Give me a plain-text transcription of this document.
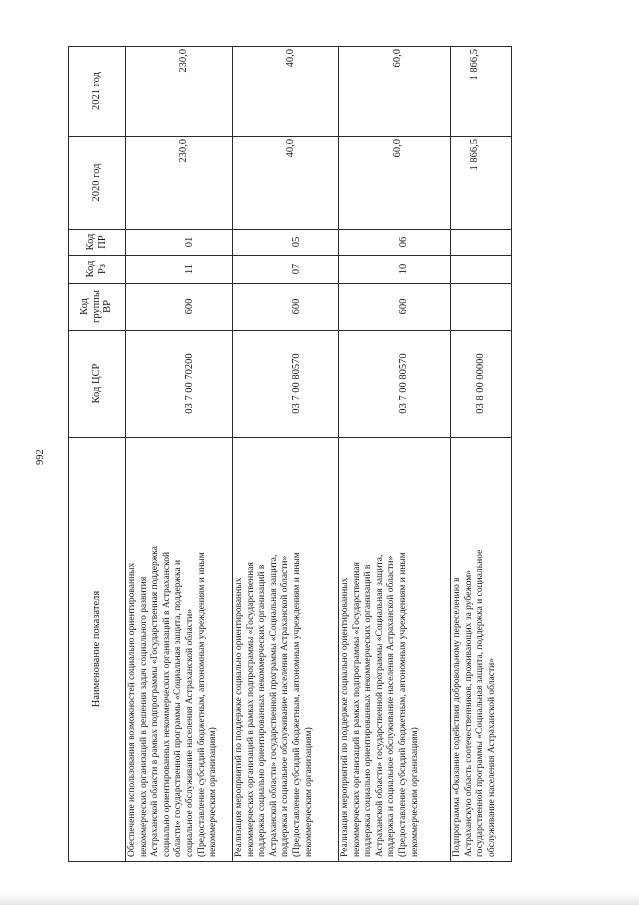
992
Наименование показателя
Код ЦСР
Код
группы
ВР
Код
Рз
Код
ПР
2020 год
2021 год
Обеспечение использования возможностей социально ориентированных
некоммерческих организаций в решении задач социального развития
Астраханской области в рамках подпрограммы «Государственная поддержка
социально ориентированных некоммерческих организаций в Астраханской
области» государственной программы «Социальная защита, поддержка и
социальное обслуживание населения Астраханской области»
(Предоставление субсидий бюджетным, автономным учреждениям и иным
некоммерческим организациям)
03 7 00 70200
600
11
01
230,0
230,0
Реализация мероприятий по поддержке социально ориентированных
некоммерческих организаций в рамках подпрограммы «Государственная
поддержка социально ориентированных некоммерческих организаций в
Астраханской области» государственной программы «Социальная защита,
поддержка и социальное обслуживание населения Астраханской области»
(Предоставление субсидий бюджетным, автономным учреждениям и иным
некоммерческим организациям)
03 7 00 80570
600
07
05
40,0
40,0
Реализация мероприятий по поддержке социально ориентированных
некоммерческих организаций в рамках подпрограммы «Государственная
поддержка социально ориентированных некоммерческих организаций в
Астраханской области» государственной программы «Социальная защита,
поддержка и социальное обслуживание населения Астраханской области»
(Предоставление субсидий бюджетным, автономным учреждениям и иным
некоммерческим организациям)
03 7 00 80570
600
10
06
60,0
60,0
Подпрограмма «Оказание содействия добровольному переселению в
Астраханскую область соотечественников, проживающих за рубежом»
государственной программы «Социальная защита, поддержка и социальное
обслуживание населения Астраханской области»
03 8 00 00000
1 866,5
1 866,5
